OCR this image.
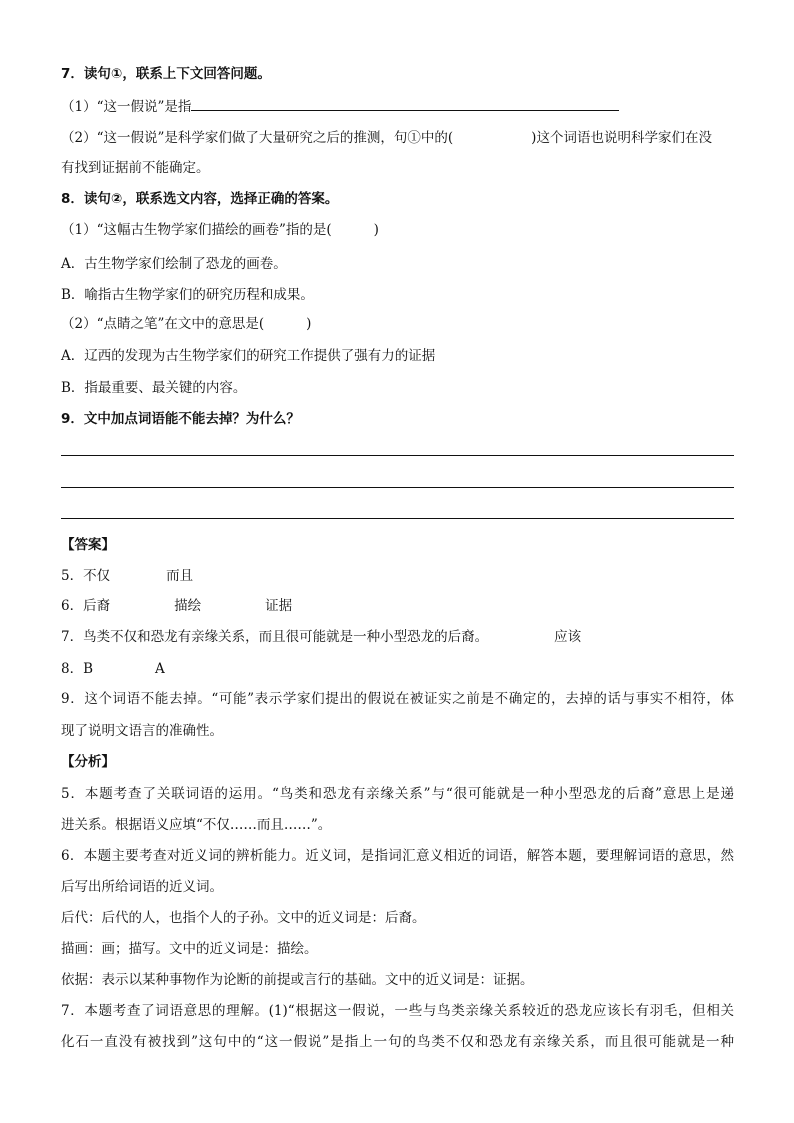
7．读句①，联系上下文回答问题。
（1）“这一假说”是指
（2）“这一假说”是科学家们做了大量研究之后的推测，句①中的(	)这个词语也说明科学家们在没
有找到证据前不能确定。
8．读句②，联系选文内容，选择正确的答案。
（1）“这幅古生物学家们描绘的画卷”指的是(	)
A．古生物学家们绘制了恐龙的画卷。
B．喻指古生物学家们的研究历程和成果。
（2）“点睛之笔”在文中的意思是(	)
A．辽西的发现为古生物学家们的研究工作提供了强有力的证据
B．指最重要、最关键的内容。
9．文中加点词语能不能去掉？为什么？
【答案】
5．不仅	而且
6．后裔	描绘	证据
7．鸟类不仅和恐龙有亲缘关系，而且很可能就是一种小型恐龙的后裔。	应该
8．B	A
9．这个词语不能去掉。“可能”表示学家们提出的假说在被证实之前是不确定的，去掉的话与事实不相符，体
现了说明文语言的准确性。
【分析】
5．本题考查了关联词语的运用。“鸟类和恐龙有亲缘关系”与“很可能就是一种小型恐龙的后裔”意思上是递
进关系。根据语义应填“不仅……而且……”。
6．本题主要考查对近义词的辨析能力。近义词，是指词汇意义相近的词语，解答本题，要理解词语的意思，然
后写出所给词语的近义词。
后代：后代的人，也指个人的子孙。文中的近义词是：后裔。
描画：画；描写。文中的近义词是：描绘。
依据：表示以某种事物作为论断的前提或言行的基础。文中的近义词是：证据。
7．本题考查了词语意思的理解。(1)“根据这一假说，一些与鸟类亲缘关系较近的恐龙应该长有羽毛，但相关
化石一直没有被找到”这句中的“这一假说”是指上一句的鸟类不仅和恐龙有亲缘关系，而且很可能就是一种
